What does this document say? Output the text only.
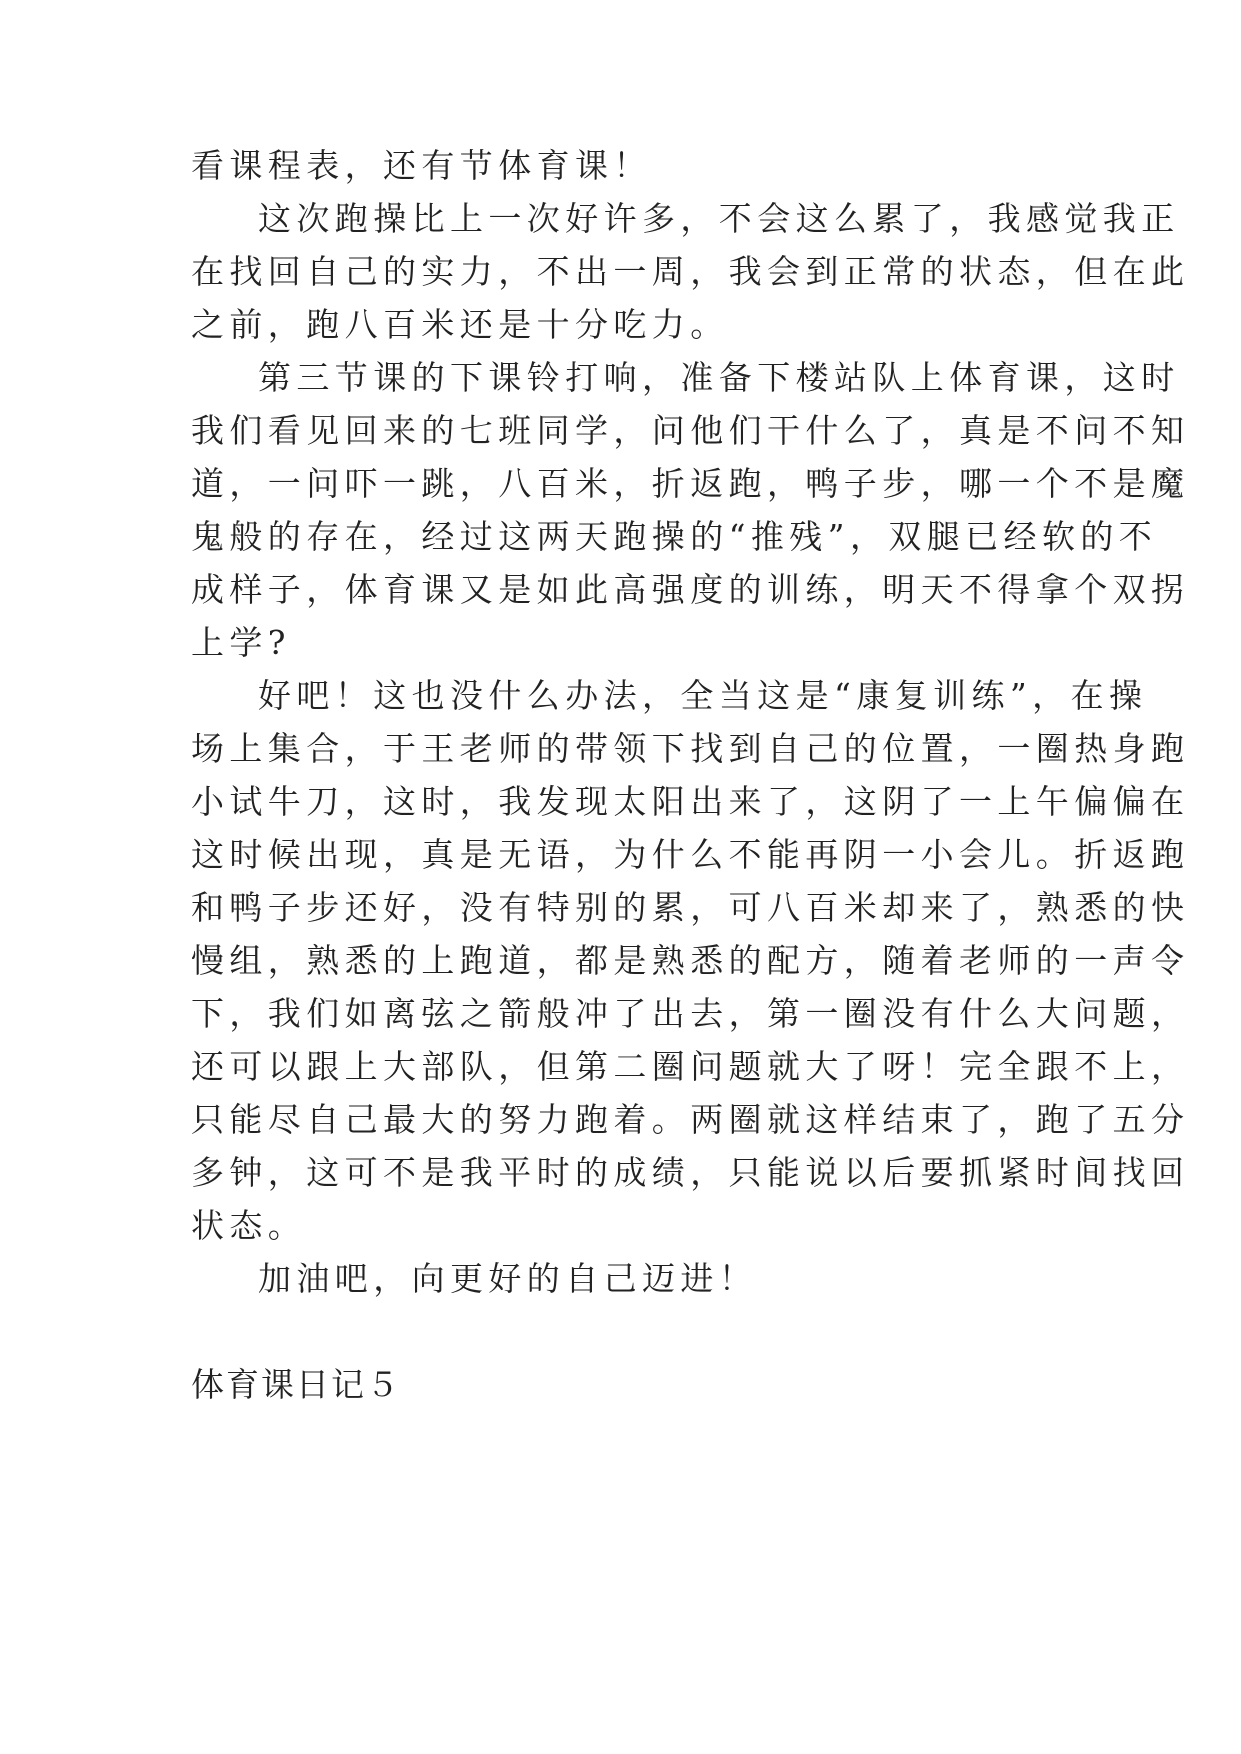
看课程表，还有节体育课！
这次跑操比上一次好许多，不会这么累了，我感觉我正
在找回自己的实力，不出一周，我会到正常的状态，但在此
之前，跑八百米还是十分吃力。
第三节课的下课铃打响，准备下楼站队上体育课，这时
我们看见回来的七班同学，问他们干什么了，真是不问不知
道，一问吓一跳，八百米，折返跑，鸭子步，哪一个不是魔
鬼般的存在，经过这两天跑操的“推残”，双腿已经软的不
成样子，体育课又是如此高强度的训练，明天不得拿个双拐
上学?
好吧！这也没什么办法，全当这是“康复训练”，在操
场上集合，于王老师的带领下找到自己的位置，一圈热身跑
小试牛刀，这时，我发现太阳出来了，这阴了一上午偏偏在
这时候出现，真是无语，为什么不能再阴一小会儿。折返跑
和鸭子步还好，没有特别的累，可八百米却来了，熟悉的快
慢组，熟悉的上跑道，都是熟悉的配方，随着老师的一声令
下，我们如离弦之箭般冲了出去，第一圈没有什么大问题，
还可以跟上大部队，但第二圈问题就大了呀！完全跟不上，
只能尽自己最大的努力跑着。两圈就这样结束了，跑了五分
多钟，这可不是我平时的成绩，只能说以后要抓紧时间找回
状态。
加油吧，向更好的自己迈进！
体育课日记５
